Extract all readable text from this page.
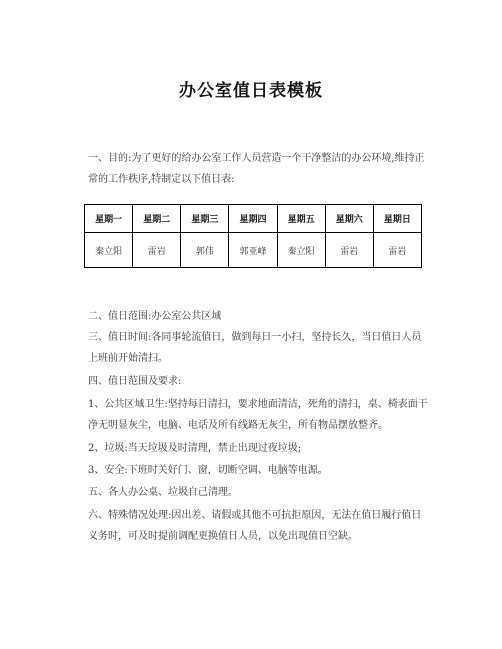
办公室值日表模板
一、目的:为了更好的给办公室工作人员营造一个干净整洁的办公环境,维持正
常的工作秩序,特制定以下值日表:
星期一	星期二	星期三	星期四	星期五	星期六	星期日
秦立阳	雷岩	郭伟	郭亚峰	秦立阳	雷岩	雷岩
二、值日范围:办公室公共区域
三、值日时间:各同事轮流值日，做到每日一小扫，坚持长久，当日值日人员
上班前开始清扫。
四、值日范围及要求:
1、公共区域卫生:坚持每日清扫，要求地面清洁，死角的清扫，桌、椅表面干
净无明显灰尘，电脑、电话及所有线路无灰尘，所有物品摆放整齐。
2、垃圾:当天垃圾及时清理，禁止出现过夜垃圾;
3、安全:下班时关好门、窗，切断空调、电脑等电源。
五、各人办公桌、垃圾自己清理。
六、特殊情况处理:因出差、请假或其他不可抗拒原因，无法在值日履行值日
义务时，可及时提前调配更换值日人员，以免出现值日空缺。
